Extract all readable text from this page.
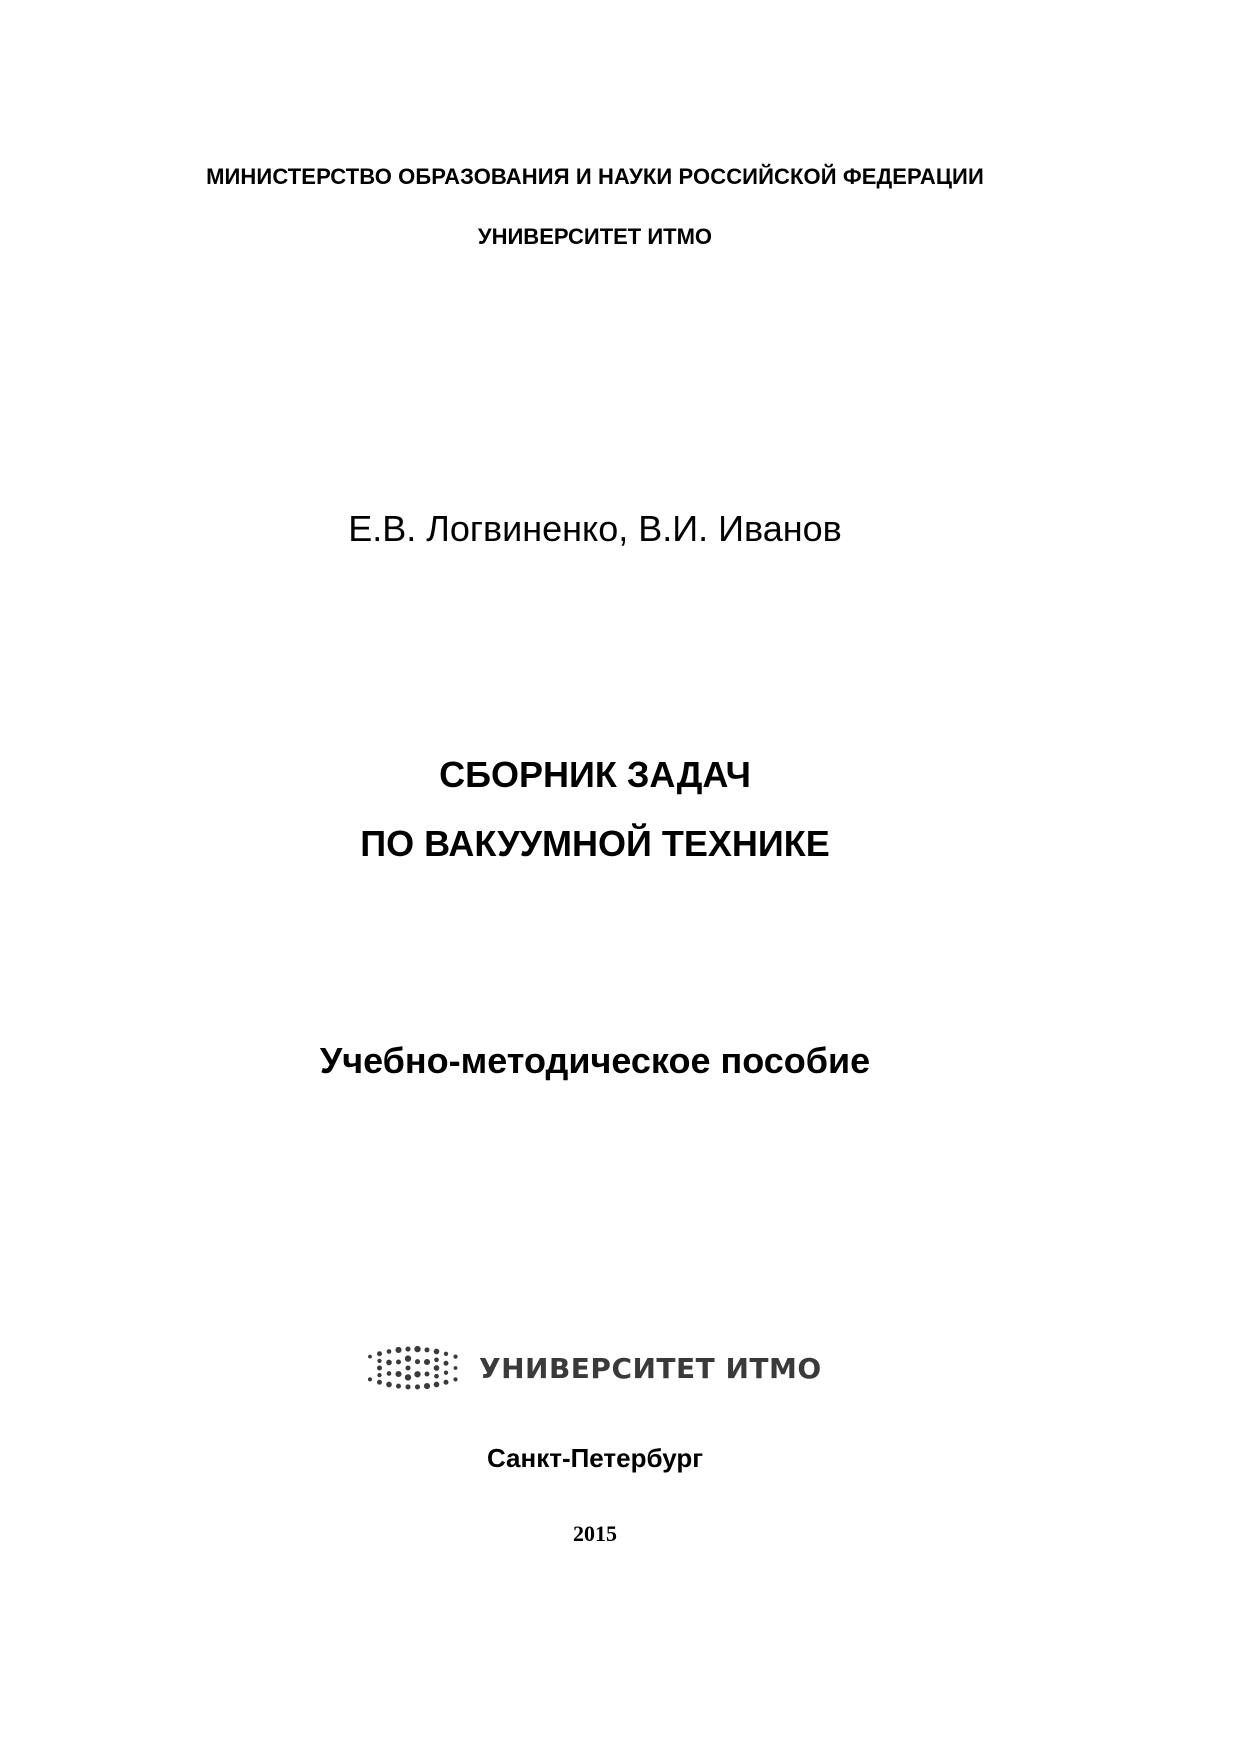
МИНИСТЕРСТВО ОБРАЗОВАНИЯ И НАУКИ РОССИЙСКОЙ ФЕДЕРАЦИИ
УНИВЕРСИТЕТ ИТМО
Е.В. Логвиненко, В.И. Иванов
СБОРНИК ЗАДАЧ
ПО ВАКУУМНОЙ ТЕХНИКЕ
Учебно-методическое пособие
УНИВЕРСИТЕТ ИТМО
Санкт-Петербург
2015
